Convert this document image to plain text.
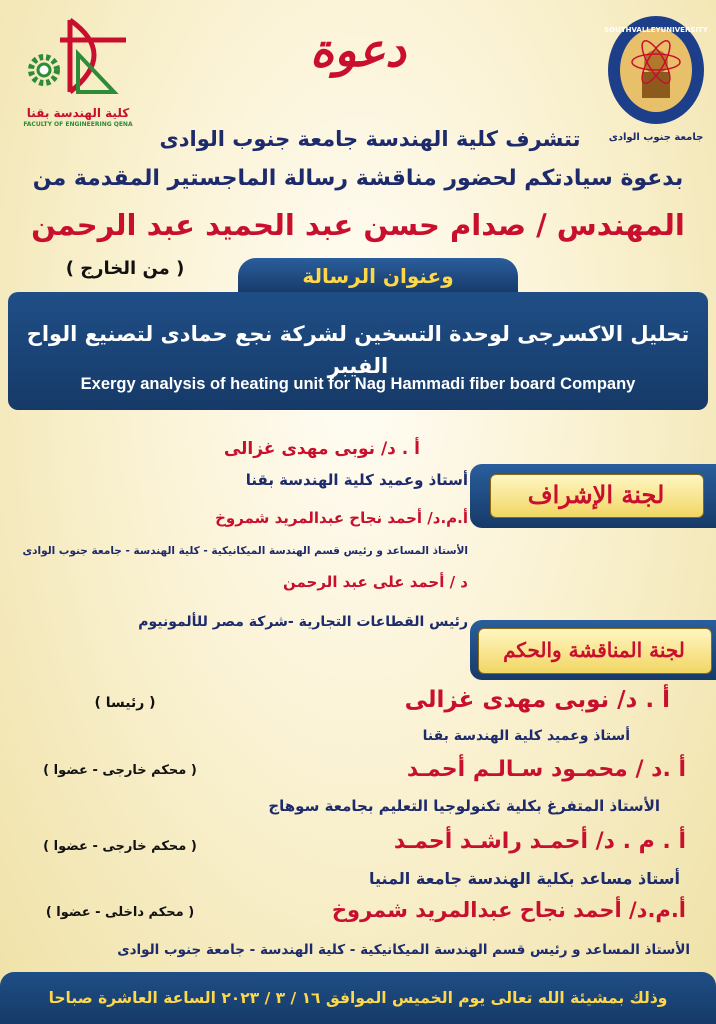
كلية الهندسة بقنا
FACULTY OF ENGINEERING QENA
SOUTHVALLEYUNIVERSITY
جامعة جنوب الوادى
دعوة
تتشرف كلية الهندسة جامعة جنوب الوادى
بدعوة سيادتكم لحضور مناقشة رسالة الماجستير المقدمة من
المهندس / صدام حسن عبد الحميد عبد الرحمن
( من الخارج )	وعنوان الرسالة
تحليل الاكسرجى لوحدة التسخين لشركة نجع حمادى لتصنيع الواح الفيبر
Exergy analysis of heating unit for Nag Hammadi fiber board Company
لجنة الإشراف
أ . د/ نوبى مهدى غزالى
أستاذ وعميد كلية الهندسة بقنا
أ.م.د/ أحمد نجاح عبدالمريد شمروخ
الأستاذ المساعد و رئيس قسم الهندسة الميكانيكية - كلية الهندسة - جامعة جنوب الوادى
د / أحمد على عبد الرحمن
رئيس القطاعات التجارية -شركة مصر للألمونيوم
لجنة المناقشة والحكم
أ . د/ نوبى مهدى غزالى
( رئيسا )
أستاذ وعميد كلية الهندسة بقنا
أ .د / محمـود سـالـم أحمـد
( محكم خارجى - عضوا )
الأستاذ المتفرغ بكلية تكنولوجيا التعليم بجامعة سوهاج
أ . م . د/ أحمـد راشـد أحمـد
( محكم خارجى - عضوا )
أستاذ مساعد بكلية الهندسة جامعة المنيا
أ.م.د/ أحمد نجاح عبدالمريد شمروخ
( محكم داخلى - عضوا )
الأستاذ المساعد و رئيس قسم الهندسة الميكانيكية - كلية الهندسة - جامعة جنوب الوادى
وذلك بمشيئة الله تعالى يوم الخميس الموافق ١٦ / ٣ / ٢٠٢٣ الساعة العاشرة صباحا
